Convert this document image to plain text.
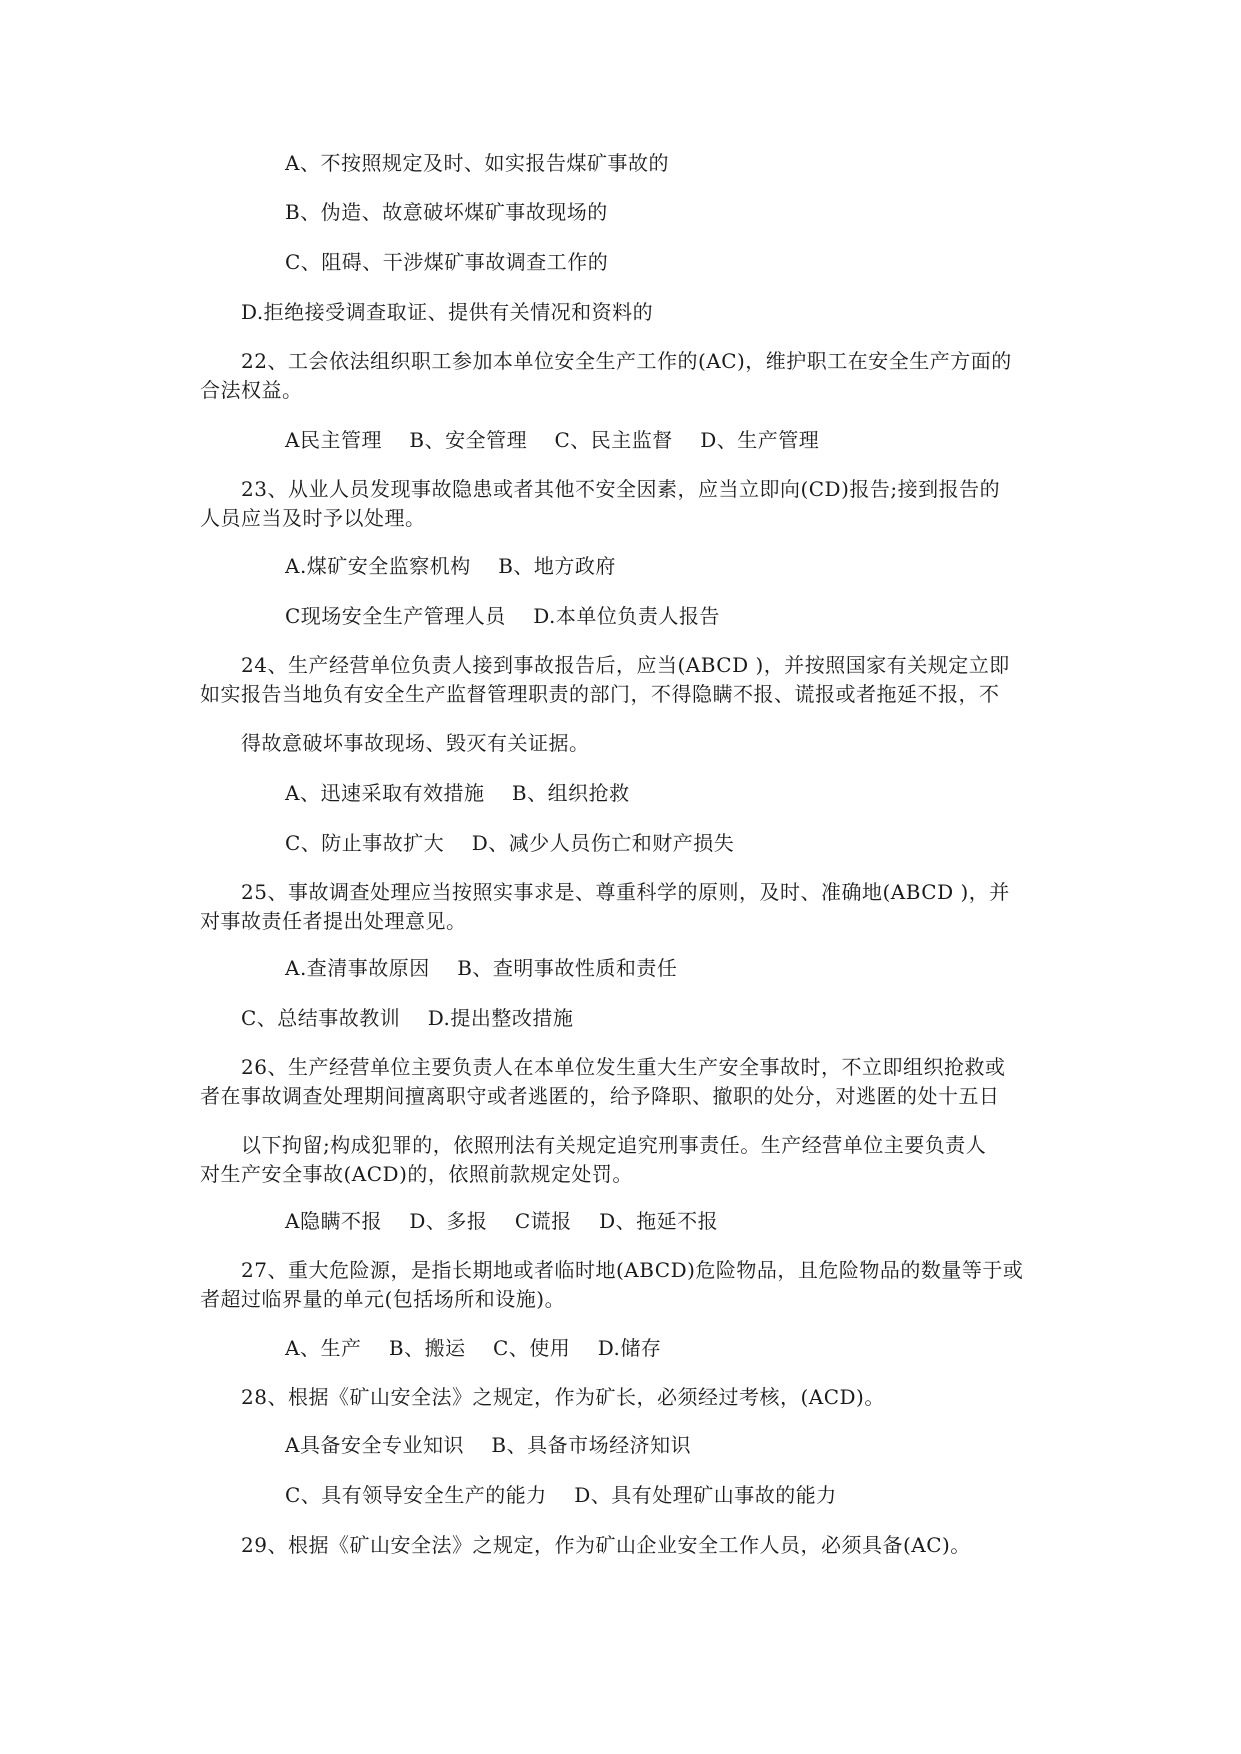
A、不按照规定及时、如实报告煤矿事故的
B、伪造、故意破坏煤矿事故现场的
C、阻碍、干涉煤矿事故调查工作的
D.拒绝接受调查取证、提供有关情况和资料的
22、工会依法组织职工参加本单位安全生产工作的(AC)，维护职工在安全生产方面的
合法权益。
A民主管理    B、安全管理    C、民主监督    D、生产管理
23、从业人员发现事故隐患或者其他不安全因素，应当立即向(CD)报告;接到报告的
人员应当及时予以处理。
A.煤矿安全监察机构    B、地方政府
C现场安全生产管理人员    D.本单位负责人报告
24、生产经营单位负责人接到事故报告后，应当(ABCD )，并按照国家有关规定立即
如实报告当地负有安全生产监督管理职责的部门，不得隐瞒不报、谎报或者拖延不报，不
得故意破坏事故现场、毁灭有关证据。
A、迅速采取有效措施    B、组织抢救
C、防止事故扩大    D、减少人员伤亡和财产损失
25、事故调查处理应当按照实事求是、尊重科学的原则，及时、准确地(ABCD )，并
对事故责任者提出处理意见。
A.查清事故原因    B、查明事故性质和责任
C、总结事故教训    D.提出整改措施
26、生产经营单位主要负责人在本单位发生重大生产安全事故时，不立即组织抢救或
者在事故调查处理期间擅离职守或者逃匿的，给予降职、撤职的处分，对逃匿的处十五日
以下拘留;构成犯罪的，依照刑法有关规定追究刑事责任。生产经营单位主要负责人
对生产安全事故(ACD)的，依照前款规定处罚。
A隐瞒不报    D、多报    C谎报    D、拖延不报
27、重大危险源，是指长期地或者临时地(ABCD)危险物品，且危险物品的数量等于或
者超过临界量的单元(包括场所和设施)。
A、生产    B、搬运    C、使用    D.储存
28、根据《矿山安全法》之规定，作为矿长，必须经过考核，(ACD)。
A具备安全专业知识    B、具备市场经济知识
C、具有领导安全生产的能力    D、具有处理矿山事故的能力
29、根据《矿山安全法》之规定，作为矿山企业安全工作人员，必须具备(AC)。
